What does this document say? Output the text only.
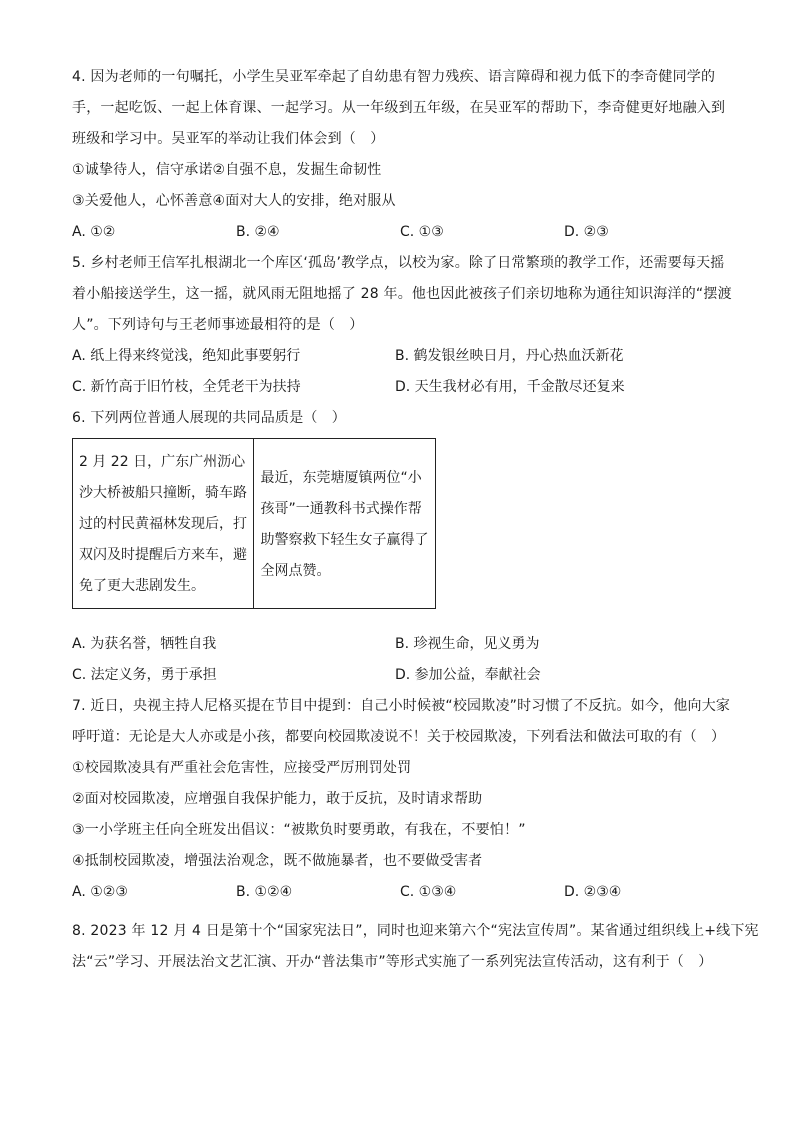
4. 因为老师的一句嘱托，小学生吴亚军牵起了自幼患有智力残疾、语言障碍和视力低下的李奇健同学的
手，一起吃饭、一起上体育课、一起学习。从一年级到五年级，在吴亚军的帮助下，李奇健更好地融入到
班级和学习中。吴亚军的举动让我们体会到（　）
①诚挚待人，信守承诺②自强不息，发掘生命韧性
③关爱他人，心怀善意④面对大人的安排，绝对服从
A. ①②	B. ②④	C. ①③	D. ②③
5. 乡村老师王信军扎根湖北一个库区‘孤岛’教学点，以校为家。除了日常繁琐的教学工作，还需要每天摇
着小船接送学生，这一摇，就风雨无阻地摇了 28 年。他也因此被孩子们亲切地称为通往知识海洋的“摆渡
人”。下列诗句与王老师事迹最相符的是（　）
A. 纸上得来终觉浅，绝知此事要躬行	B. 鹤发银丝映日月，丹心热血沃新花
C. 新竹高于旧竹枝，全凭老干为扶持	D. 天生我材必有用，千金散尽还复来
6. 下列两位普通人展现的共同品质是（　）
2 月 22 日，广东广州沥心沙大桥被船只撞断，骑车路过的村民黄福林发现后，打双闪及时提醒后方来车，避免了更大悲剧发生。	最近，东莞塘厦镇两位“小孩哥”一通教科书式操作帮助警察救下轻生女子赢得了全网点赞。
A. 为获名誉，牺牲自我	B. 珍视生命，见义勇为
C. 法定义务，勇于承担	D. 参加公益，奉献社会
7. 近日，央视主持人尼格买提在节目中提到：自己小时候被“校园欺凌”时习惯了不反抗。如今，他向大家
呼吁道：无论是大人亦或是小孩，都要向校园欺凌说不！关于校园欺凌，下列看法和做法可取的有（　）
①校园欺凌具有严重社会危害性，应接受严厉刑罚处罚
②面对校园欺凌，应增强自我保护能力，敢于反抗，及时请求帮助
③一小学班主任向全班发出倡议：“被欺负时要勇敢，有我在，不要怕！”
④抵制校园欺凌，增强法治观念，既不做施暴者，也不要做受害者
A. ①②③	B. ①②④	C. ①③④	D. ②③④
8. 2023 年 12 月 4 日是第十个“国家宪法日”，同时也迎来第六个“宪法宣传周”。某省通过组织线上+线下宪
法“云”学习、开展法治文艺汇演、开办“普法集市”等形式实施了一系列宪法宣传活动，这有利于（　）
